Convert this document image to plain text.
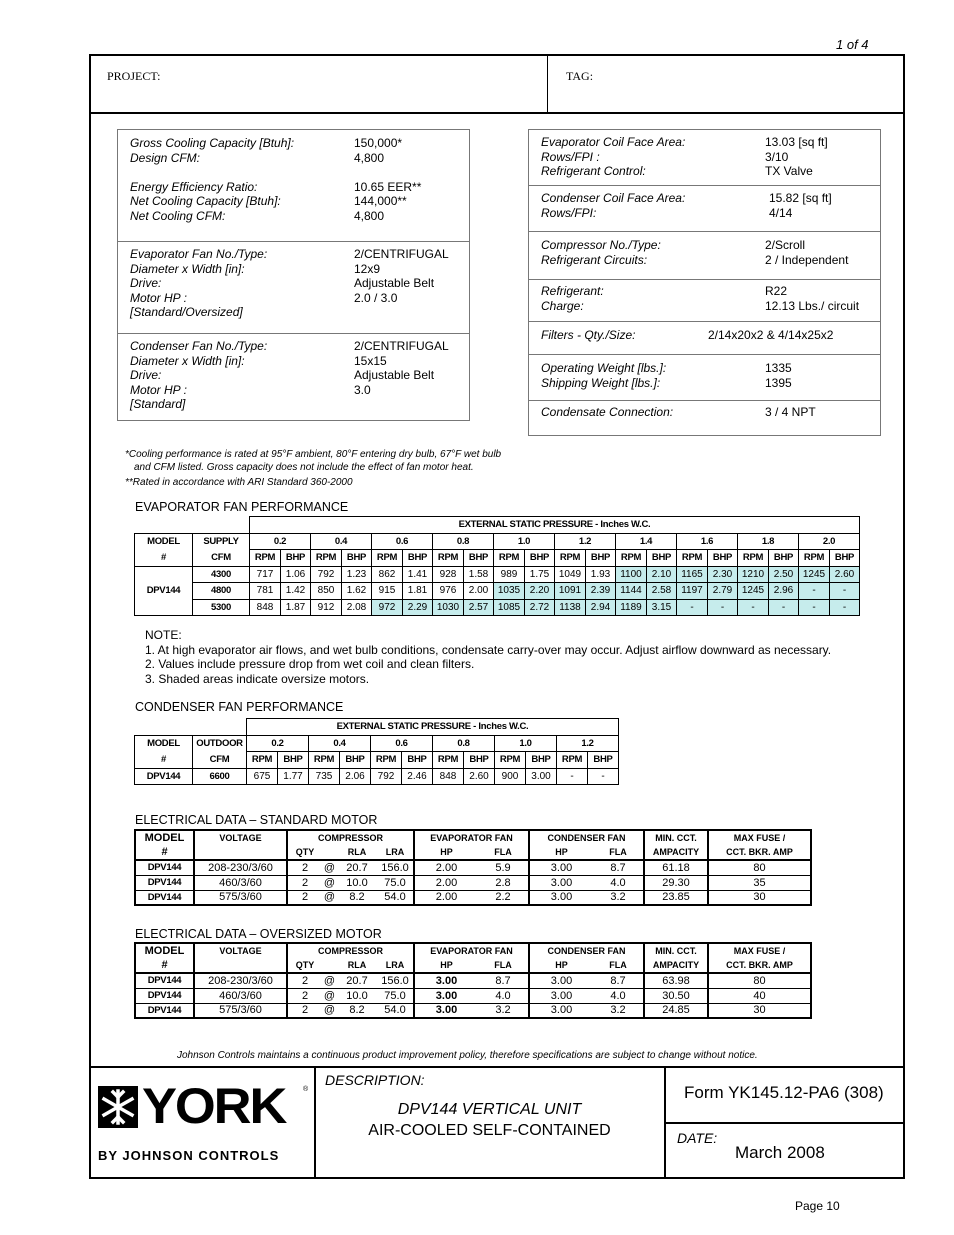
1 of 4
PROJECT:	TAG:
Gross Cooling Capacity [Btuh]:	150,000*
Design CFM:	4,800
Energy Efficiency Ratio:	10.65 EER**
Net Cooling Capacity [Btuh]:	144,000**
Net Cooling CFM:	4,800
Evaporator Fan No./Type:	2/CENTRIFUGAL
Diameter x Width [in]:	12x9
Drive:	Adjustable Belt
Motor HP :	2.0 / 3.0
[Standard/Oversized]
Condenser Fan No./Type:	2/CENTRIFUGAL
Diameter x Width [in]:	15x15
Drive:	Adjustable Belt
Motor HP :	3.0
[Standard]
Evaporator Coil Face Area:	13.03 [sq ft]
Rows/FPI :	3/10
Refrigerant Control:	TX Valve
Condenser Coil Face Area:	15.82 [sq ft]
Rows/FPI:	4/14
Compressor No./Type:	2/Scroll
Refrigerant Circuits:	2 / Independent
Refrigerant:	R22
Charge:	12.13 Lbs./ circuit
Filters - Qty./Size:	2/14x20x2 & 4/14x25x2
Operating Weight [lbs.]:	1335
Shipping Weight [lbs.]:	1395
Condensate Connection:	3 / 4 NPT
*Cooling performance is rated at 95°F ambient, 80°F entering dry bulb, 67°F wet bulb
and CFM listed. Gross capacity does not include the effect of fan motor heat.
**Rated in accordance with ARI Standard 360-2000
EVAPORATOR FAN PERFORMANCE
		EXTERNAL STATIC PRESSURE - Inches W.C.																			
MODEL	SUPPLY	0.2		0.4		0.6		0.8		1.0		1.2		1.4		1.6		1.8		2.0	
#	CFM	RPM	BHP	RPM	BHP	RPM	BHP	RPM	BHP	RPM	BHP	RPM	BHP	RPM	BHP	RPM	BHP	RPM	BHP	RPM	BHP
DPV144	4300	717	1.06	792	1.23	862	1.41	928	1.58	989	1.75	1049	1.93	1100	2.10	1165	2.30	1210	2.50	1245	2.60
	4800	781	1.42	850	1.62	915	1.81	976	2.00	1035	2.20	1091	2.39	1144	2.58	1197	2.79	1245	2.96	-	-
	5300	848	1.87	912	2.08	972	2.29	1030	2.57	1085	2.72	1138	2.94	1189	3.15	-	-	-	-	-	-
NOTE:
1. At high evaporator air flows, and wet bulb conditions, condensate carry-over may occur. Adjust airflow downward as necessary.
2. Values include pressure drop from wet coil and clean filters.
3. Shaded areas indicate oversize motors.
CONDENSER FAN PERFORMANCE
		EXTERNAL STATIC PRESSURE - Inches W.C.											
MODEL	OUTDOOR	0.2		0.4		0.6		0.8		1.0		1.2	
#	CFM	RPM	BHP	RPM	BHP	RPM	BHP	RPM	BHP	RPM	BHP	RPM	BHP
DPV144	6600	675	1.77	735	2.06	792	2.46	848	2.60	900	3.00	-	-
ELECTRICAL DATA – STANDARD MOTOR
MODEL	VOLTAGE	COMPRESSOR				EVAPORATOR FAN		CONDENSER FAN		MIN. CCT.	MAX FUSE /
#		QTY		RLA	LRA	HP	FLA	HP	FLA	AMPACITY	CCT. BKR. AMP
DPV144	208-230/3/60	2	@	20.7	156.0	2.00	5.9	3.00	8.7	61.18	80
DPV144	460/3/60	2	@	10.0	75.0	2.00	2.8	3.00	4.0	29.30	35
DPV144	575/3/60	2	@	8.2	54.0	2.00	2.2	3.00	3.2	23.85	30
ELECTRICAL DATA – OVERSIZED MOTOR
MODEL	VOLTAGE	COMPRESSOR				EVAPORATOR FAN		CONDENSER FAN		MIN. CCT.	MAX FUSE /
#		QTY		RLA	LRA	HP	FLA	HP	FLA	AMPACITY	CCT. BKR. AMP
DPV144	208-230/3/60	2	@	20.7	156.0	3.00	8.7	3.00	8.7	63.98	80
DPV144	460/3/60	2	@	10.0	75.0	3.00	4.0	3.00	4.0	30.50	40
DPV144	575/3/60	2	@	8.2	54.0	3.00	3.2	3.00	3.2	24.85	30
Johnson Controls maintains a continuous product improvement policy, therefore specifications are subject to change without notice.
YORK	®
BY JOHNSON CONTROLS
DESCRIPTION:
DPV144 VERTICAL UNIT
AIR-COOLED SELF-CONTAINED
Form YK145.12-PA6 (308)
DATE:
March 2008
Page 10
